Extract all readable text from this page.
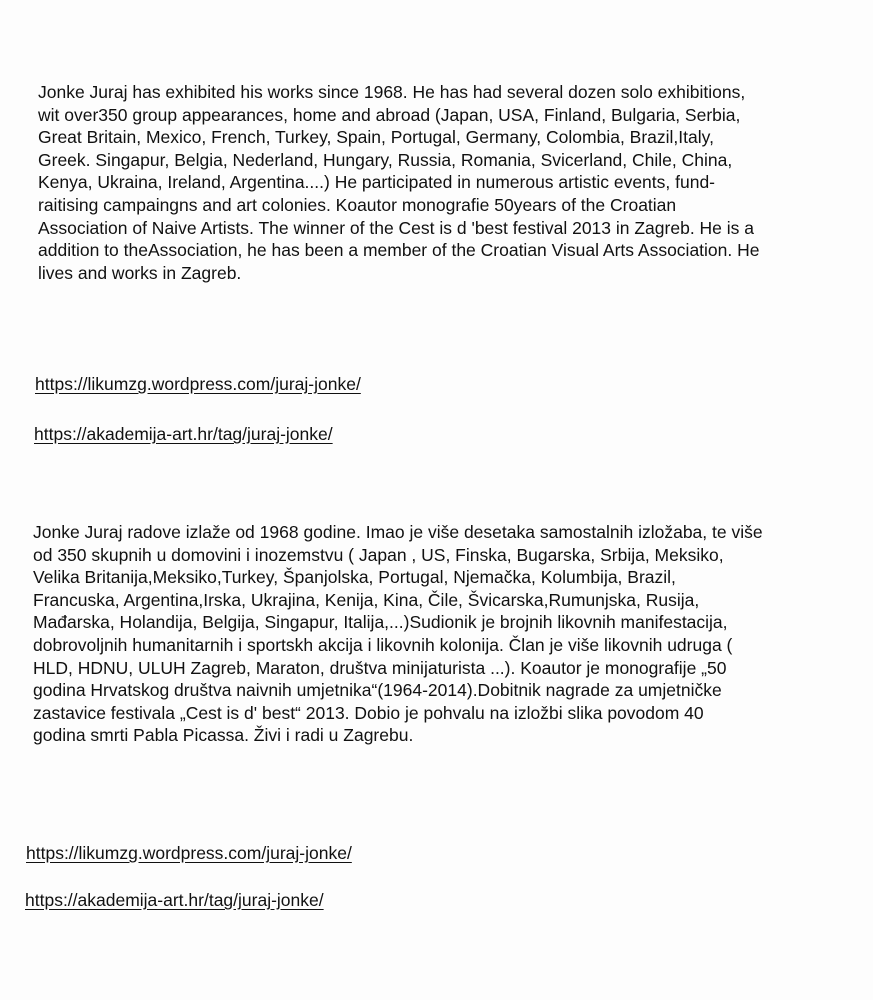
Jonke Juraj has exhibited his works since 1968. He has had several dozen solo exhibitions,
wit over350 group appearances, home and abroad (Japan, USA, Finland, Bulgaria, Serbia,
Great Britain, Mexico, French, Turkey, Spain, Portugal, Germany, Colombia, Brazil,Italy,
Greek. Singapur, Belgia, Nederland, Hungary, Russia, Romania, Svicerland, Chile, China,
Kenya, Ukraina, Ireland, Argentina....) He participated in numerous artistic events, fund-
raitising campaingns and art colonies. Koautor monografie 50years of the Croatian
Association of Naive Artists. The winner of the Cest is d 'best festival 2013 in Zagreb. He is a
addition to theAssociation, he has been a member of the Croatian Visual Arts Association. He
lives and works in Zagreb.

https://likumzg.wordpress.com/juraj-jonke/
https://akademija-art.hr/tag/juraj-jonke/

Jonke Juraj radove izlaže od 1968 godine. Imao je više desetaka samostalnih izložaba, te više
od 350 skupnih u domovini i inozemstvu ( Japan , US, Finska, Bugarska, Srbija, Meksiko,
Velika Britanija,Meksiko,Turkey, Španjolska, Portugal, Njemačka, Kolumbija, Brazil,
Francuska, Argentina,Irska, Ukrajina, Kenija, Kina, Čile, Švicarska,Rumunjska, Rusija,
Mađarska, Holandija, Belgija, Singapur, Italija,...)Sudionik je brojnih likovnih manifestacija,
dobrovoljnih humanitarnih i sportskh akcija i likovnih kolonija. Član je više likovnih udruga (
HLD, HDNU, ULUH Zagreb, Maraton, društva minijaturista ...). Koautor je monografije „50
godina Hrvatskog društva naivnih umjetnika“(1964-2014).Dobitnik nagrade za umjetničke
zastavice festivala „Cest is d' best“ 2013. Dobio je pohvalu na izložbi slika povodom 40
godina smrti Pabla Picassa. Živi i radi u Zagrebu.

https://likumzg.wordpress.com/juraj-jonke/
https://akademija-art.hr/tag/juraj-jonke/
